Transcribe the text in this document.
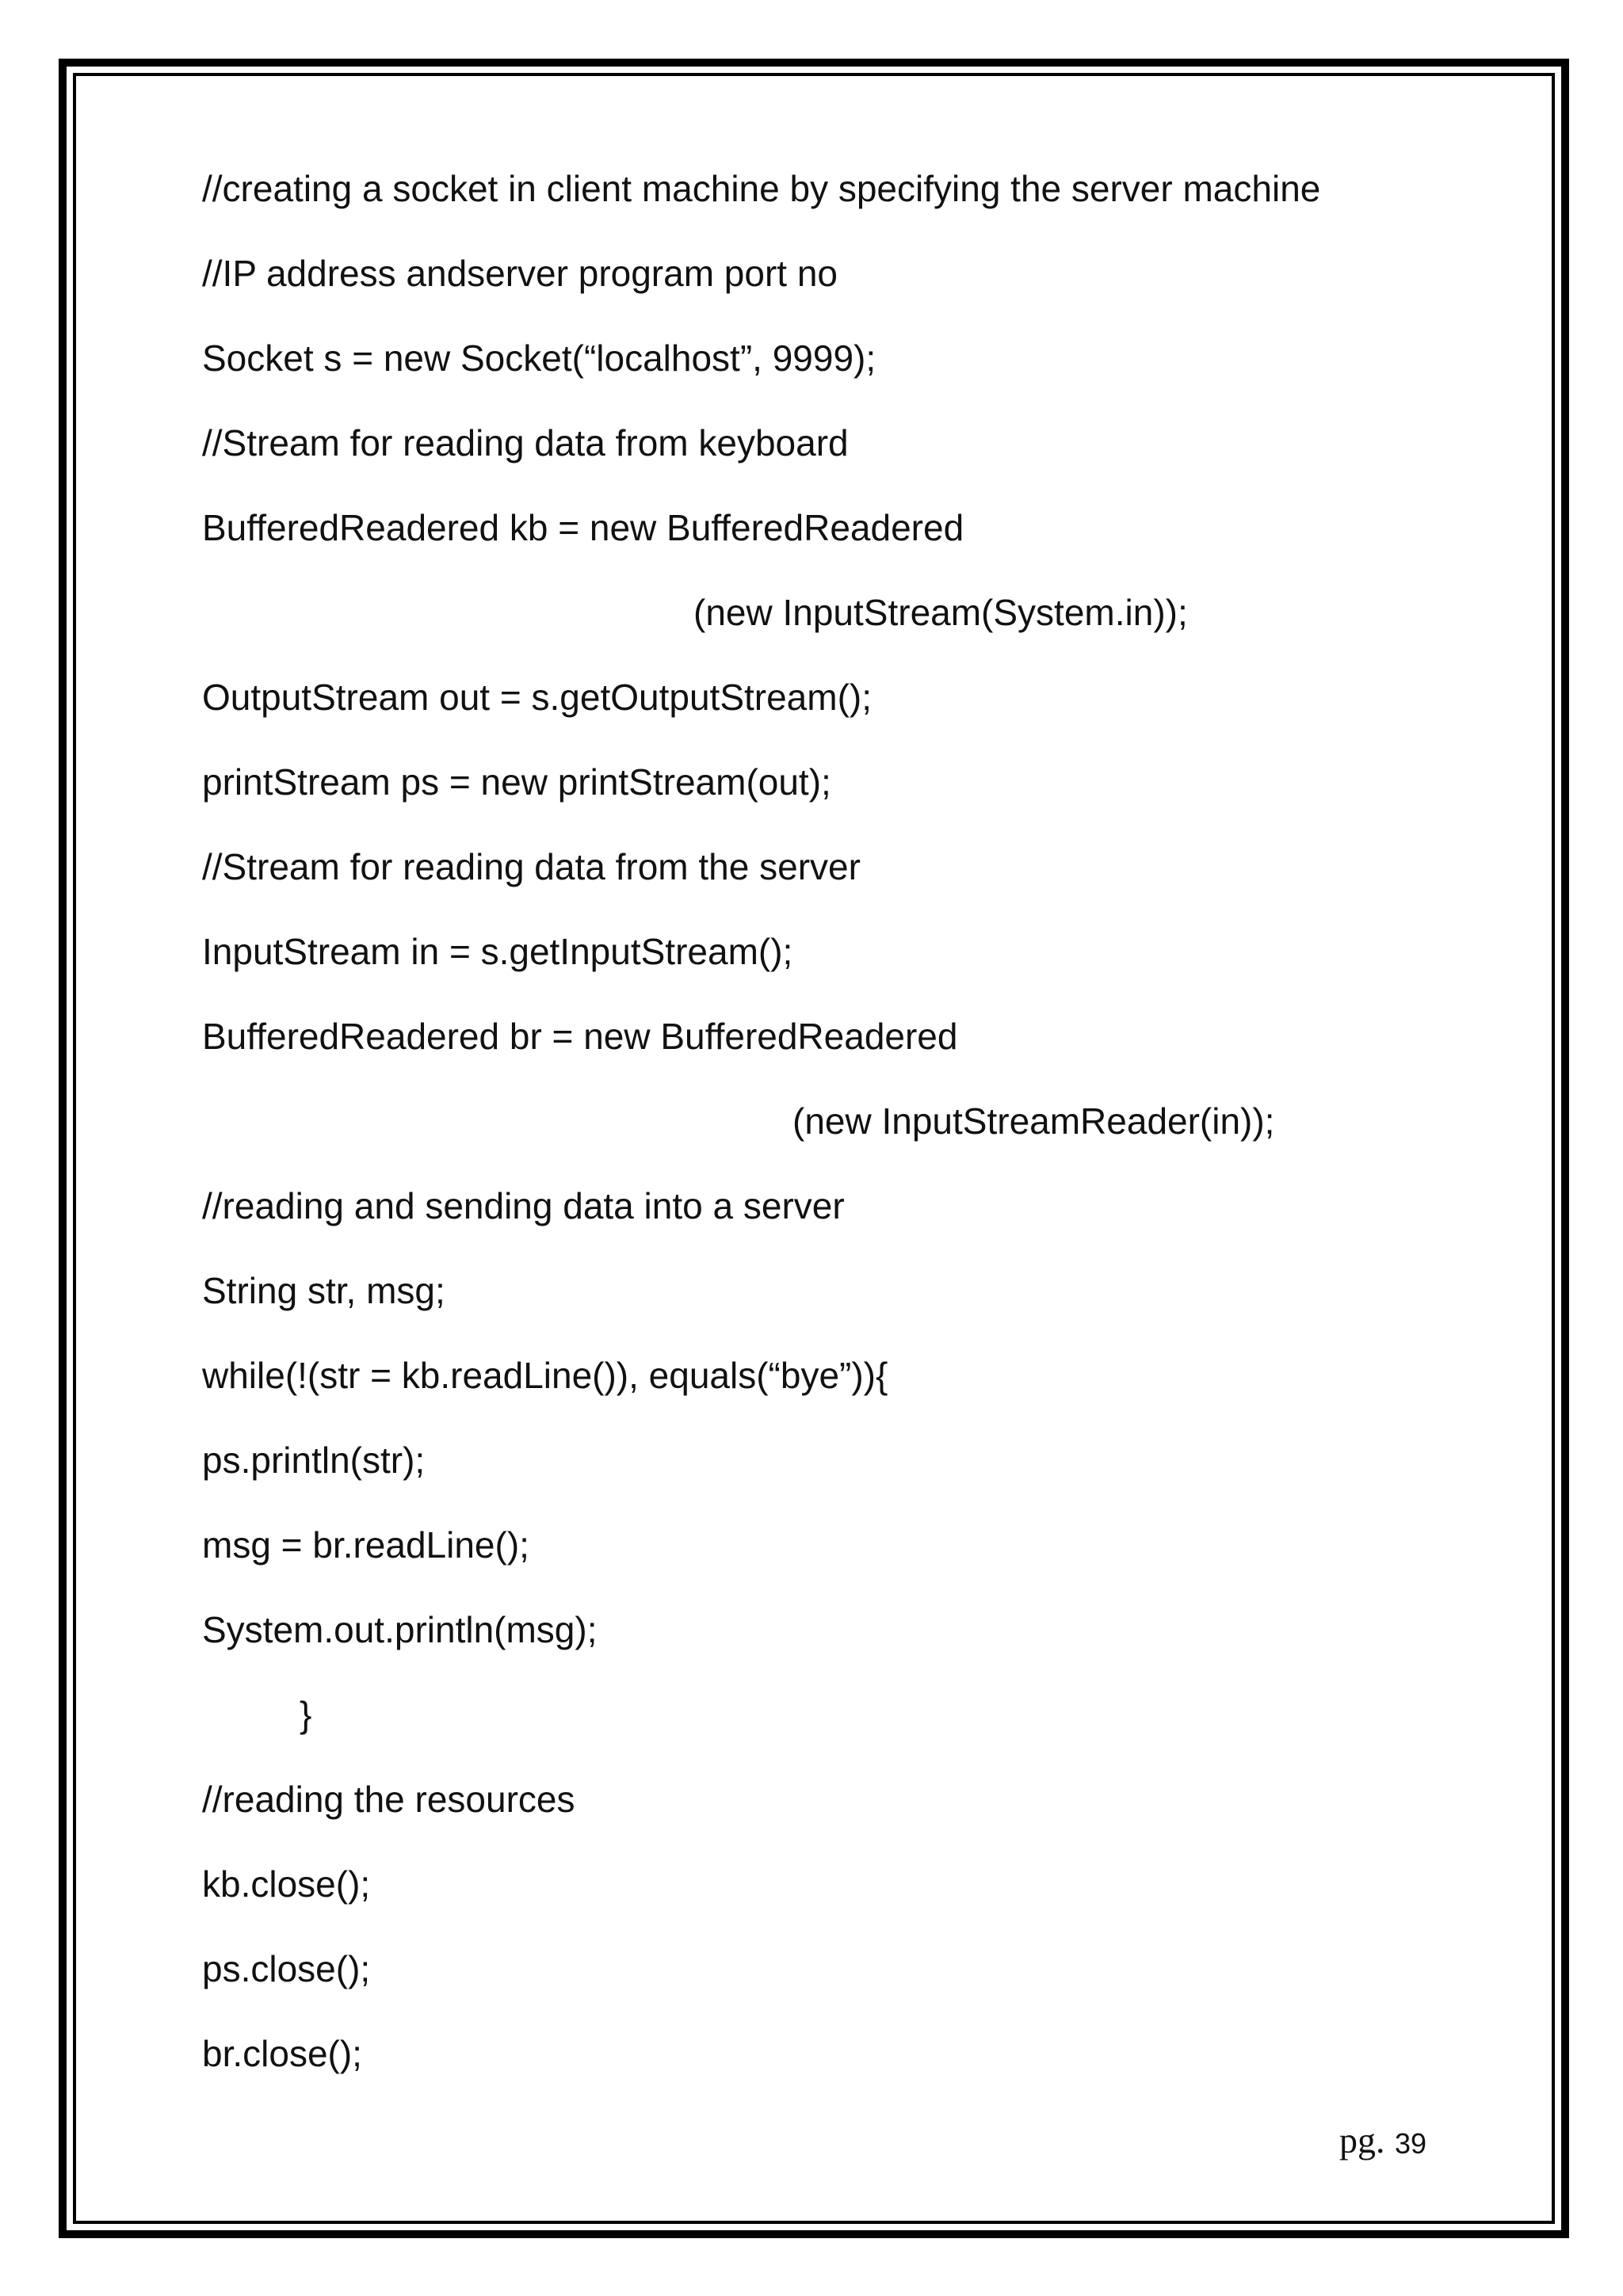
//creating a socket in client machine by specifying the server machine
//IP address andserver program port no
Socket s = new Socket(“localhost”, 9999);
//Stream for reading data from keyboard
BufferedReadered kb = new BufferedReadered
(new InputStream(System.in));
OutputStream out = s.getOutputStream();
printStream ps = new printStream(out);
//Stream for reading data from the server
InputStream in = s.getInputStream();
BufferedReadered br = new BufferedReadered
(new InputStreamReader(in));
//reading and sending data into a server
String str, msg;
while(!(str = kb.readLine()), equals(“bye”)){
ps.println(str);
msg = br.readLine();
System.out.println(msg);
}
//reading the resources
kb.close();
ps.close();
br.close();
pg. 39
